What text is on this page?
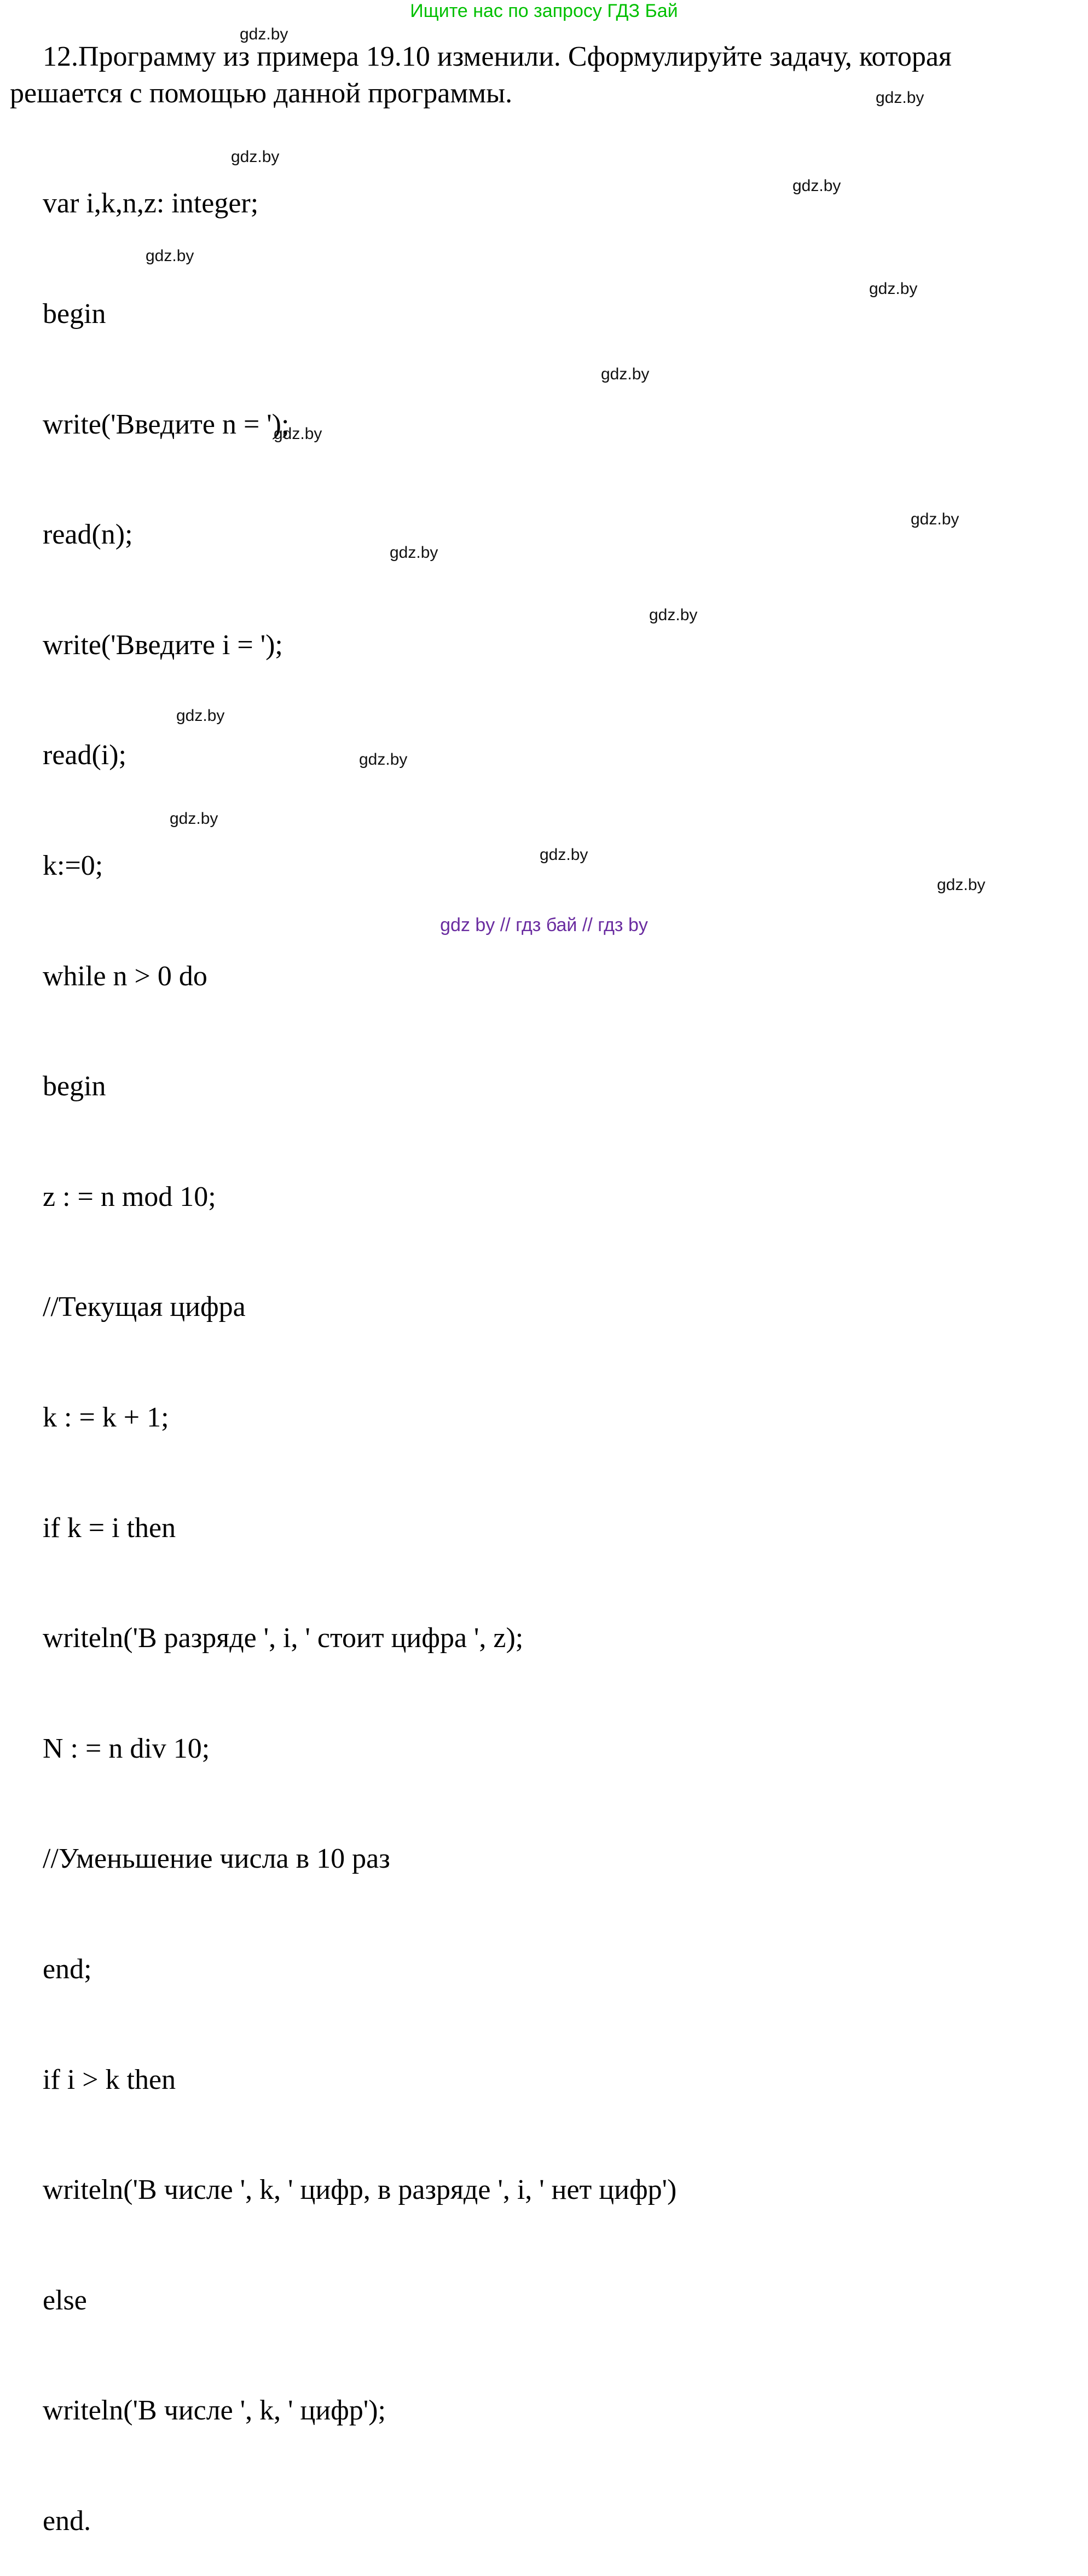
Ищите нас по запросу ГДЗ Бай
12.Программу из примера 19.10 изменили. Сформулируйте задачу, которая
решается с помощью данной программы.

var i,k,n,z: integer;

begin

write('Введите n = ');

read(n);

write('Введите i = ');

read(i);

k:=0;

while n > 0 do

begin

z : = n mod 10;

//Текущая цифра

k : = k + 1;

if k = i then

writeln('В разряде ', i, ' стоит цифра ', z);

N : = n div 10;

//Уменьшение числа в 10 раз

end;

if i > k then

writeln('В числе ', k, ' цифр, в разряде ', i, ' нет цифр')

else

writeln('В числе ', k, ' цифр');

end.

gdz.by
gdz.by
gdz.by
gdz.by
gdz.by
gdz.by
gdz.by
gdz.by
gdz.by
gdz.by
gdz.by
gdz.by
gdz.by
gdz.by
gdz.by
gdz.by
gdz by // гдз бай // гдз by
